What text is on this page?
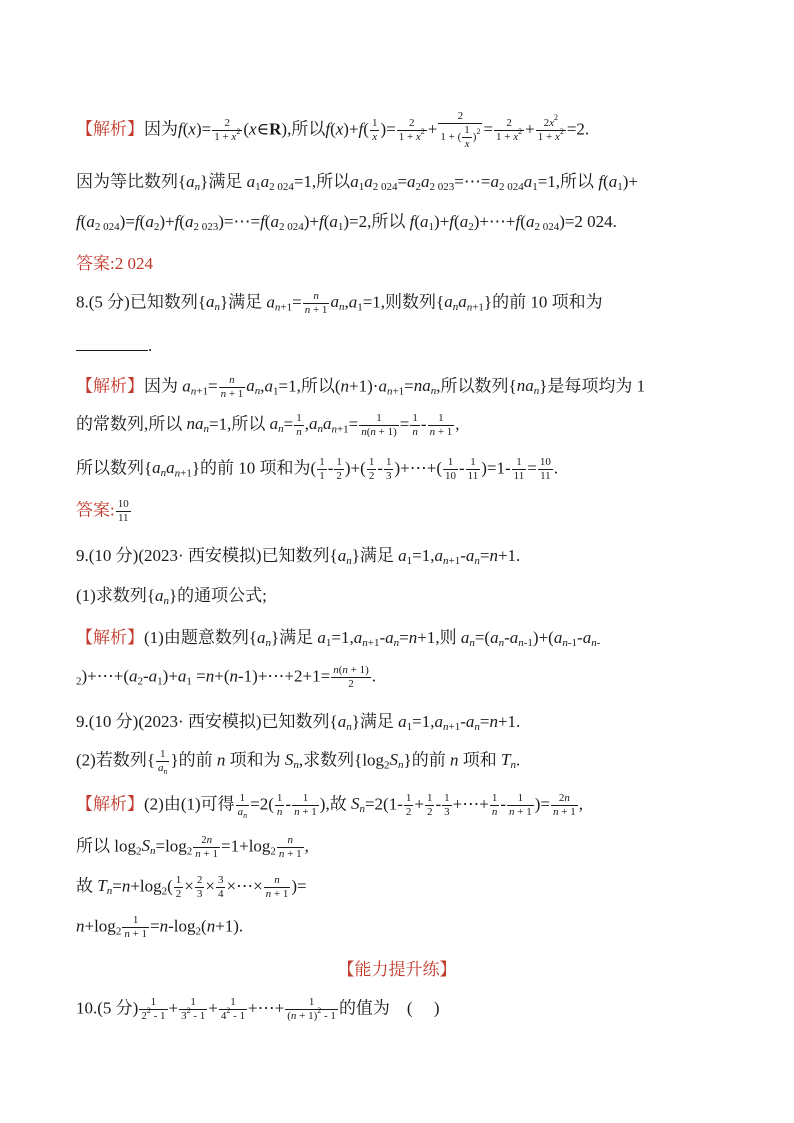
【解析】因为$f(x)= \frac{2}{1 + x^2}$ (x∈R),所以$f(x)+f( \frac{1}{x}$ )= $\frac{2}{1 + x^2} + \frac{2}{1 + ( \frac{1}{x} )^2} = \frac{2}{1 + x^2} + \frac{2x^2}{1 + x^2} =2$.
因为等比数列$\{a_n\}$满足 $a_1a_{2 024}=1$,所以$a_1a_{2 024}=a_2a_{2 023}=\cdots=a_{2 024}a_1=1$,所以 $f(a_1)+$
$f(a_{2 024})=f(a_2)+f(a_{2 023})=\cdots=f(a_{2 024})+f(a_1)=2$,所以 $f(a_1)+f(a_2)+\cdots+f(a_{2 024})=2$ 024.
答案:2 024
8.(5 分)已知数列$\{a_n\}$满足 $a_{n+1}= \frac{n}{n + 1} a_n,a_1=1$,则数列$\{a_na_{n+1}\}$的前 10 项和为
.
【解析】因为 $a_{n+1}= \frac{n}{n + 1} a_n,a_1=1$,所以$(n+1)\cdot a_{n+1}=na_n$,所以数列$\{na_n\}$是每项均为 1
的常数列,所以 $na_n=1$,所以 $a_n= \frac{1}{n} ,a_na_{n+1}= \frac{1}{n(n + 1)} = \frac{1}{n} - \frac{1}{n + 1}$ ,
所以数列$\{a_na_{n+1}\}$的前 10 项和为( $\frac{1}{1} - \frac{1}{2}$ )+( $\frac{1}{2} - \frac{1}{3}$ )+⋯+( $\frac{1}{10} - \frac{1}{11} )=1- \frac{1}{11} = \frac{10}{11}$ .
答案: $\frac{10}{11}$
9.(10 分)(2023· 西安模拟)已知数列$\{a_n\}$满足 $a_1=1,a_{n+1}-a_n=n+1$.
(1)求数列$\{a_n\}$的通项公式;
【解析】(1)由题意数列$\{a_n\}$满足 $a_1=1,a_{n+1}-a_n=n+1$,则 $a_n=(a_n-a_{n-1})+(a_{n-1}-a_{n-}$
$_2)+\cdots+(a_2-a_1)+a_1$ =n+(n-1)+⋯+2+1= $\frac{n(n + 1)}{2}$ .
9.(10 分)(2023· 西安模拟)已知数列$\{a_n\}$满足 $a_1=1,a_{n+1}-a_n=n+1$.
(2)若数列{ $\frac{1}{a_n}$ }的前 n 项和为 $S_n$,求数列$\{\log_2S_n\}$的前 n 项和 $T_n$.
【解析】(2)由(1)可得 $\frac{1}{a_n} =2( \frac{1}{n} - \frac{1}{n + 1}$ ),故 $S_n=2(1- \frac{1}{2} + \frac{1}{2} - \frac{1}{3}$ +⋯+ $\frac{1}{n} - \frac{1}{n + 1}$ )= $\frac{2n}{n + 1}$ ,
所以 $\log_2S_n=\log_2 \frac{2n}{n + 1} =1+\log_2 \frac{n}{n + 1}$ ,
故 $T_n=n+\log_2( \frac{1}{2} \times \frac{2}{3} \times \frac{3}{4}$ ×⋯× $\frac{n}{n + 1}$ )=
$n+\log_2 \frac{1}{n + 1} =n-\log_2(n+1)$.
【能力提升练】
10.(5 分) $\frac{1}{2^2 - 1} + \frac{1}{3^2 - 1} + \frac{1}{4^2 - 1}$ +⋯+ $\frac{1}{(n + 1)^2 - 1}$ 的值为    (     )
